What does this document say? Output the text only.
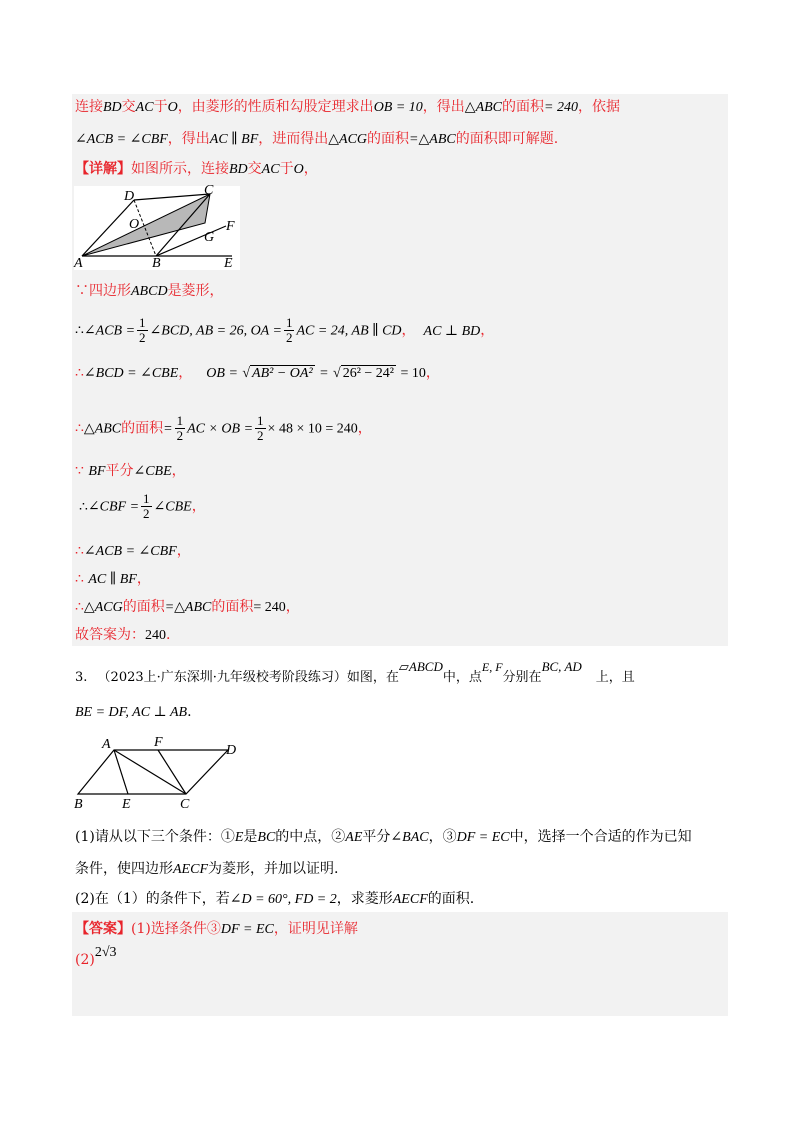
连接BD交AC于O，由菱形的性质和勾股定理求出OB = 10，得出△ABC的面积= 240，依据
∠ACB = ∠CBF，得出AC ∥ BF，进而得出△ACG的面积=△ABC的面积即可解题.
【详解】如图所示，连接BD交AC于O，
A	B
C
D
E
F
G
O
∵四边形ABCD是菱形，
∴∠ACB = $\frac{1}{2}$ ∠BCD, AB = 26, OA = $\frac{1}{2}$ AC = 24, AB ∥ CD， AC ⊥ BD，
∴∠BCD = ∠CBE， OB = √ AB² − OA² = √ 26² − 24² = 10，
∴△ABC的面积= $\frac{1}{2}$ AC × OB = $\frac{1}{2} \times 48 \times 10 = 240$，
∵ BF平分∠CBE，
∴∠CBF = $\frac{1}{2}$ ∠CBE，
∴∠ACB = ∠CBF，
∴ AC ∥ BF，
∴△ACG的面积=△ABC的面积= 240，
故答案为：240.
3. （2023上·广东深圳·九年级校考阶段练习）如图，在▱ABCD中，点E, F分别在BC, AD上，且
BE = DF, AC ⊥ AB.
A
B	C
D
E
F
(1)请从以下三个条件：①E是BC的中点，②AE平分∠BAC，③DF = EC中，选择一个合适的作为已知
条件，使四边形AECF为菱形，并加以证明.
(2)在（1）的条件下，若∠D = 60°, FD = 2，求菱形AECF的面积.
【答案】(1)选择条件③DF = EC，证明见详解
(2)2√3
